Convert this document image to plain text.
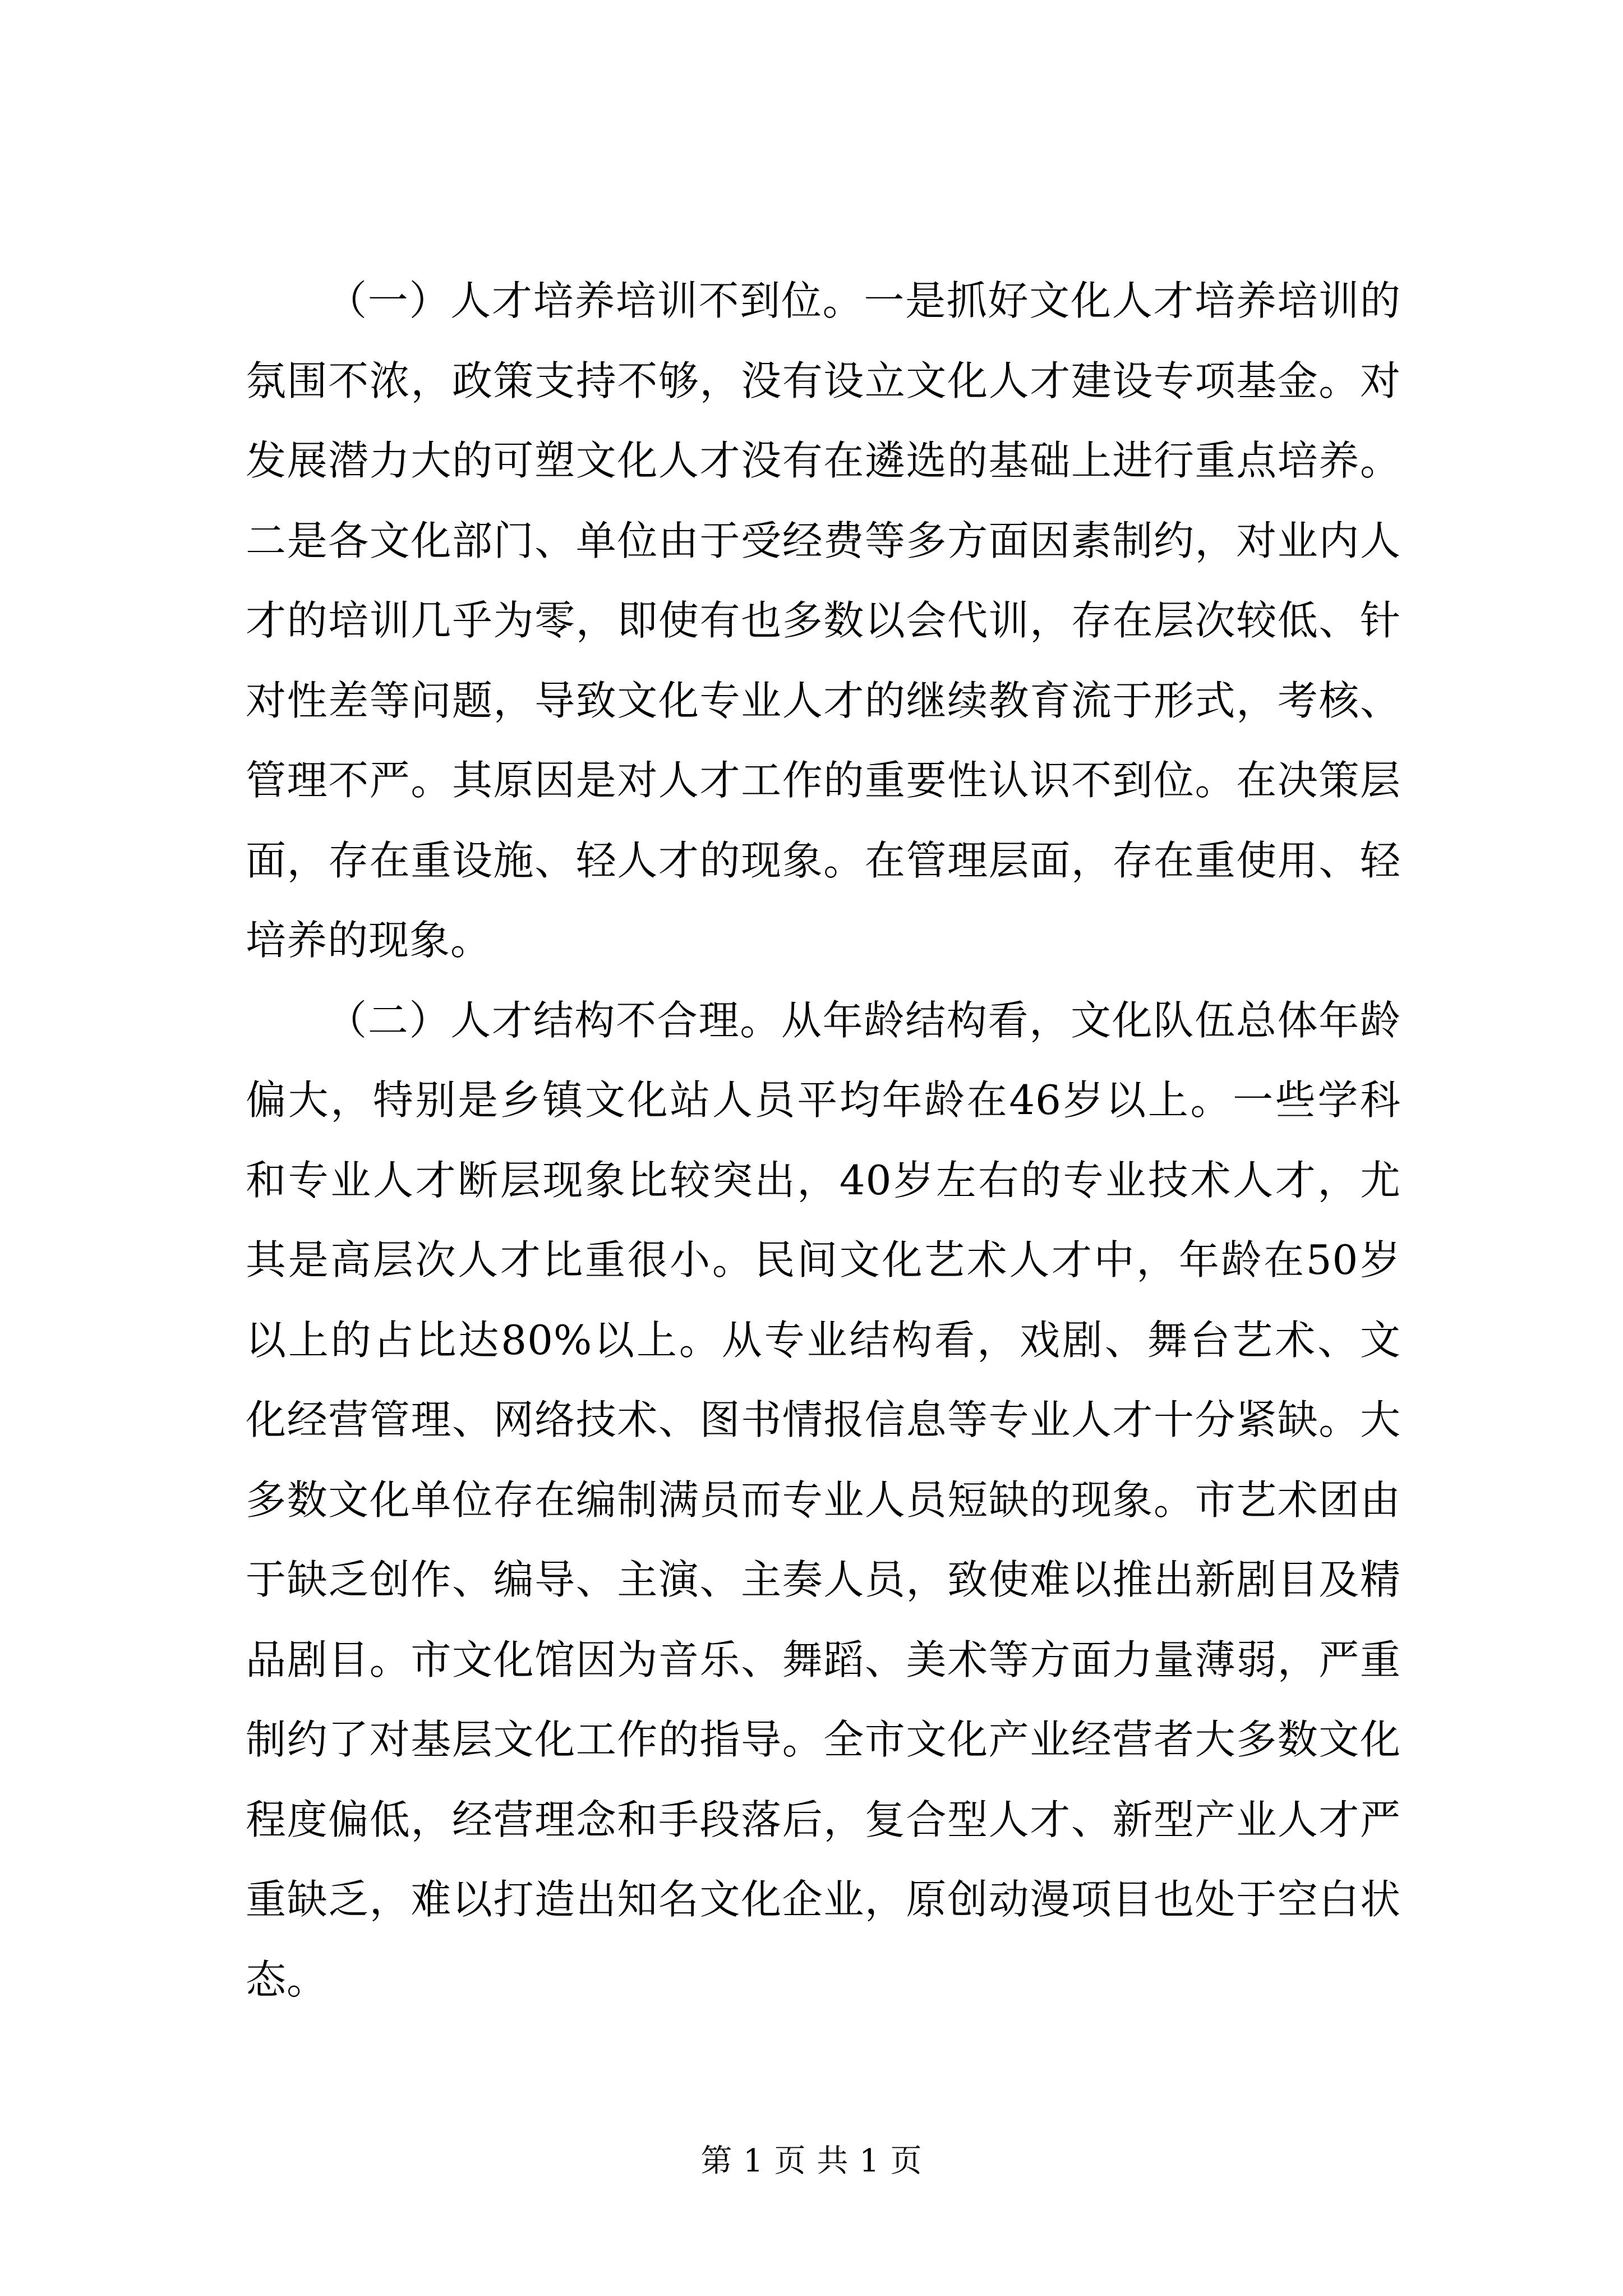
（一）人才培养培训不到位。一是抓好文化人才培养培训的氛围不浓，政策支持不够，没有设立文化人才建设专项基金。对发展潜力大的可塑文化人才没有在遴选的基础上进行重点培养。二是各文化部门、单位由于受经费等多方面因素制约，对业内人才的培训几乎为零，即使有也多数以会代训，存在层次较低、针对性差等问题，导致文化专业人才的继续教育流于形式，考核、管理不严。其原因是对人才工作的重要性认识不到位。在决策层面，存在重设施、轻人才的现象。在管理层面，存在重使用、轻培养的现象。

（二）人才结构不合理。从年龄结构看，文化队伍总体年龄偏大，特别是乡镇文化站人员平均年龄在46岁以上。一些学科和专业人才断层现象比较突出，40岁左右的专业技术人才，尤其是高层次人才比重很小。民间文化艺术人才中，年龄在50岁以上的占比达80%以上。从专业结构看，戏剧、舞台艺术、文化经营管理、网络技术、图书情报信息等专业人才十分紧缺。大多数文化单位存在编制满员而专业人员短缺的现象。市艺术团由于缺乏创作、编导、主演、主奏人员，致使难以推出新剧目及精品剧目。市文化馆因为音乐、舞蹈、美术等方面力量薄弱，严重制约了对基层文化工作的指导。全市文化产业经营者大多数文化程度偏低，经营理念和手段落后，复合型人才、新型产业人才严重缺乏，难以打造出知名文化企业，原创动漫项目也处于空白状态。

第 1 页 共 1 页
